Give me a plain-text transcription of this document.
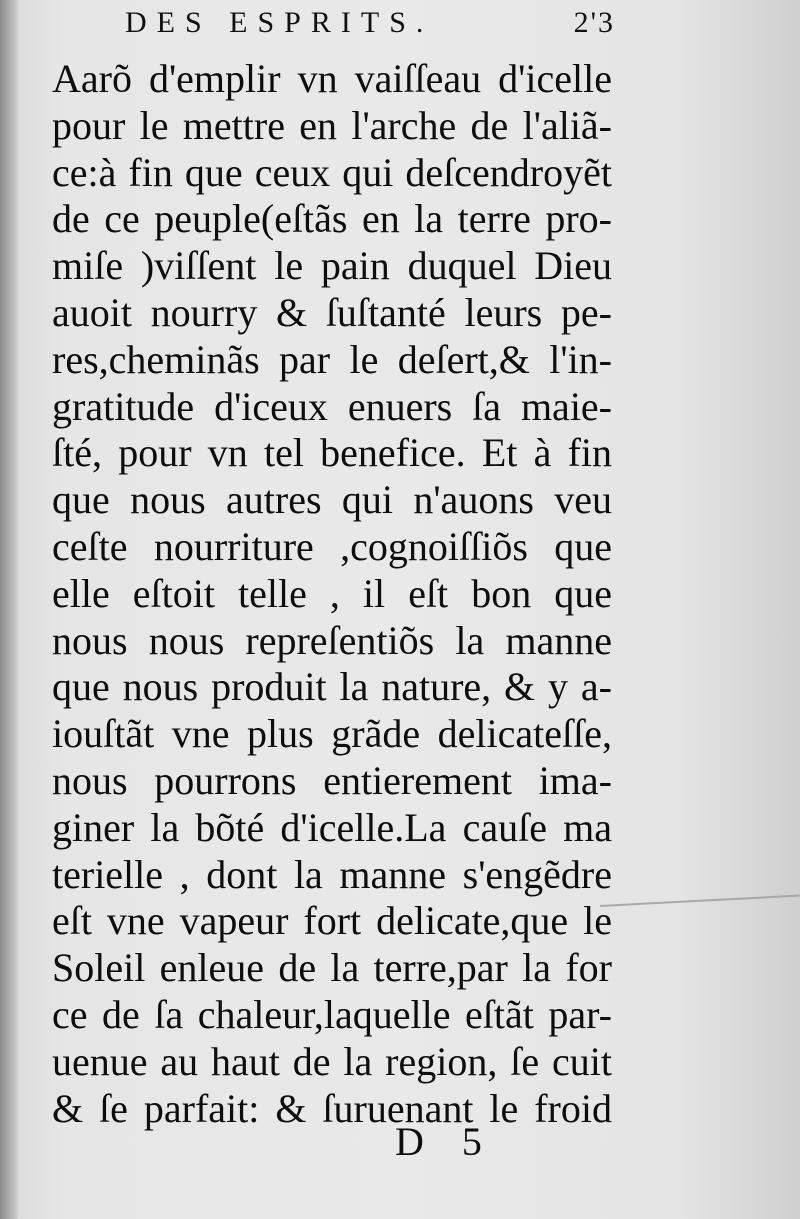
DES ESPRITS.	2'3
Aarõ d'emplir vn vaiſſeau d'icelle
pour le mettre en l'arche de l'aliã-
ce:à fin que ceux qui deſcendroyẽt
de ce peuple(eſtãs en la terre pro-
miſe )viſſent le pain duquel Dieu
auoit nourry & ſuſtanté leurs pe-
res,cheminãs par le deſert,& l'in-
gratitude d'iceux enuers ſa maie-
ſté, pour vn tel benefice. Et à fin
que nous autres qui n'auons veu
ceſte nourriture ,cognoiſſiõs que
elle eſtoit telle , il eſt bon que
nous nous repreſentiõs la manne
que nous produit la nature, & y a-
iouſtãt vne plus grãde delicateſſe,
nous pourrons entierement ima-
giner la bõté d'icelle.La cauſe ma
terielle , dont la manne s'engẽdre
eſt vne vapeur fort delicate,que le
Soleil enleue de la terre,par la for
ce de ſa chaleur,laquelle eſtãt par-
uenue au haut de la region, ſe cuit
& ſe parfait: & ſuruenant le froid
D 5
